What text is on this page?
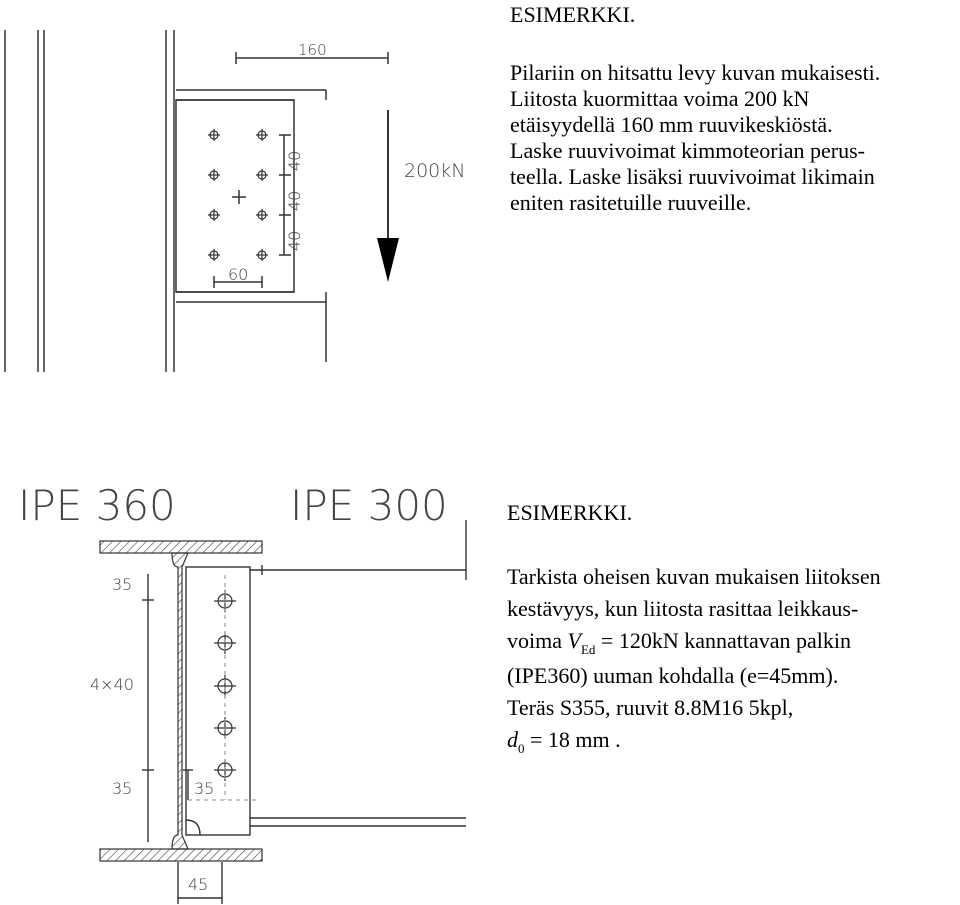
160
40
40
40
60
200kN
IPE 360	IPE 300
35
4×40
35	35
45
ESIMERKKI.

Pilariin on hitsattu levy kuvan mukaisesti.

Liitosta kuormittaa voima 200 kN

etäisyydellä 160 mm ruuvikeskiöstä.

Laske ruuvivoimat kimmoteorian perus-

teella. Laske lisäksi ruuvivoimat likimain

eniten rasitetuille ruuveille.

ESIMERKKI.

Tarkista oheisen kuvan mukaisen liitoksen

kestävyys, kun liitosta rasittaa leikkaus-

voima $V_{Ed} = 120kN$ kannattavan palkin

(IPE360) uuman kohdalla (e=45mm).

Teräs S355, ruuvit 8.8M16 5kpl,

$d_0 = 18$ mm .
